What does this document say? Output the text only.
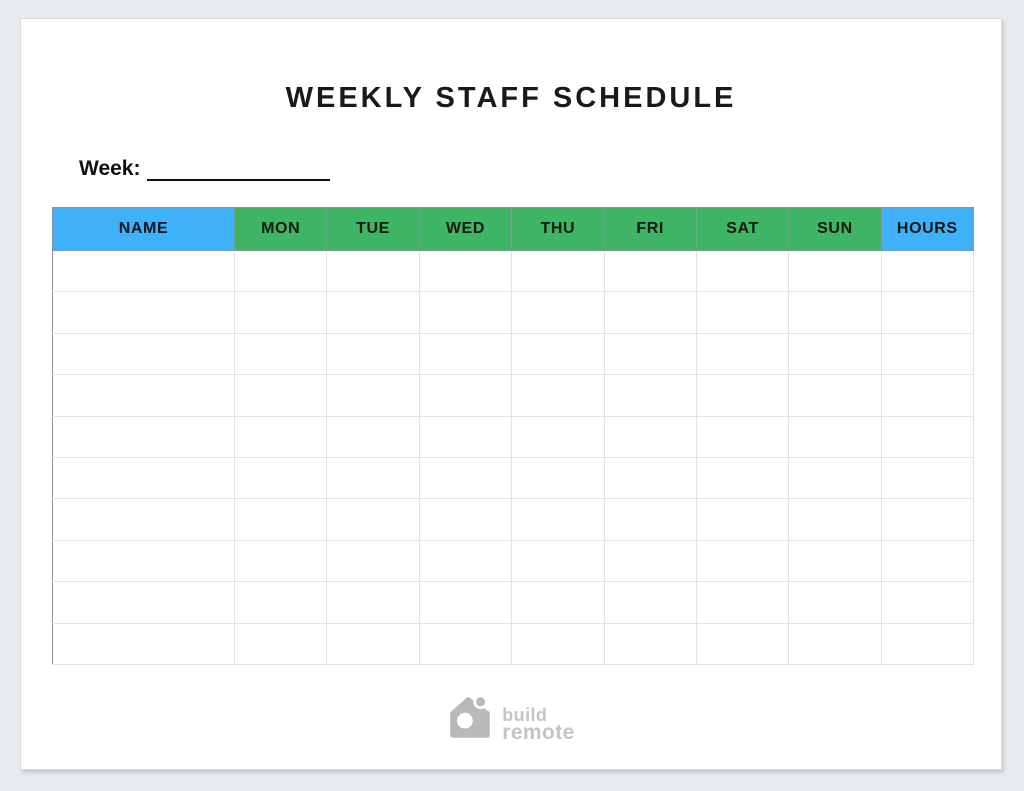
WEEKLY STAFF SCHEDULE
Week:
NAME	MON	TUE	WED	THU	FRI	SAT	SUN	HOURS

build
remote
